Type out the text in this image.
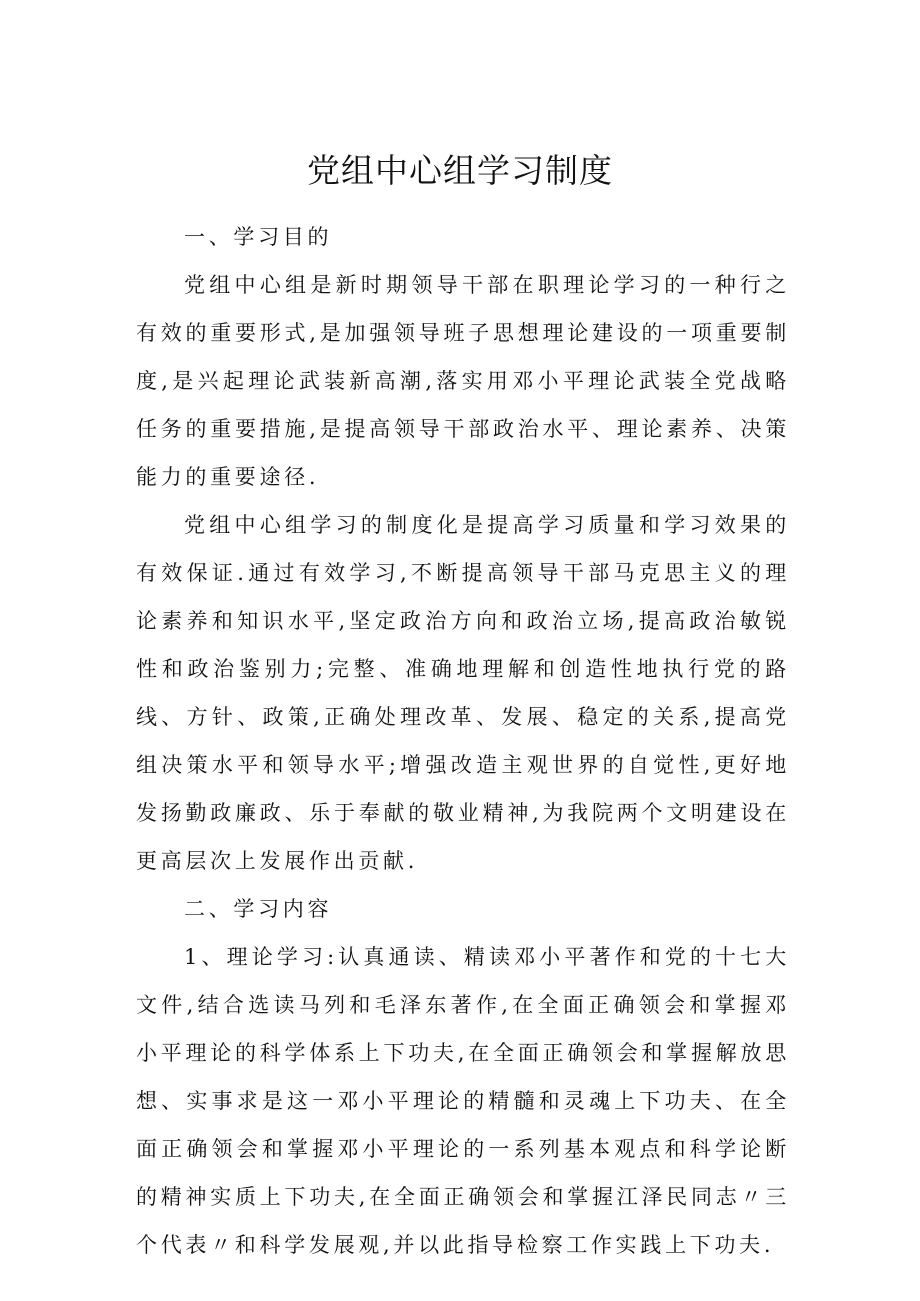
党组中心组学习制度

一、学习目的

党组中心组是新时期领导干部在职理论学习的一种行之有效的重要形式,是加强领导班子思想理论建设的一项重要制度,是兴起理论武装新高潮,落实用邓小平理论武装全党战略任务的重要措施,是提高领导干部政治水平、理论素养、决策能力的重要途径.

党组中心组学习的制度化是提高学习质量和学习效果的有效保证.通过有效学习,不断提高领导干部马克思主义的理论素养和知识水平,坚定政治方向和政治立场,提高政治敏锐性和政治鉴别力;完整、准确地理解和创造性地执行党的路线、方针、政策,正确处理改革、发展、稳定的关系,提高党组决策水平和领导水平;增强改造主观世界的自觉性,更好地发扬勤政廉政、乐于奉献的敬业精神,为我院两个文明建设在更高层次上发展作出贡献.

二、学习内容

1、理论学习:认真通读、精读邓小平著作和党的十七大文件,结合选读马列和毛泽东著作,在全面正确领会和掌握邓小平理论的科学体系上下功夫,在全面正确领会和掌握解放思想、实事求是这一邓小平理论的精髓和灵魂上下功夫、在全面正确领会和掌握邓小平理论的一系列基本观点和科学论断的精神实质上下功夫,在全面正确领会和掌握江泽民同志〃三个代表〃和科学发展观,并以此指导检察工作实践上下功夫.
